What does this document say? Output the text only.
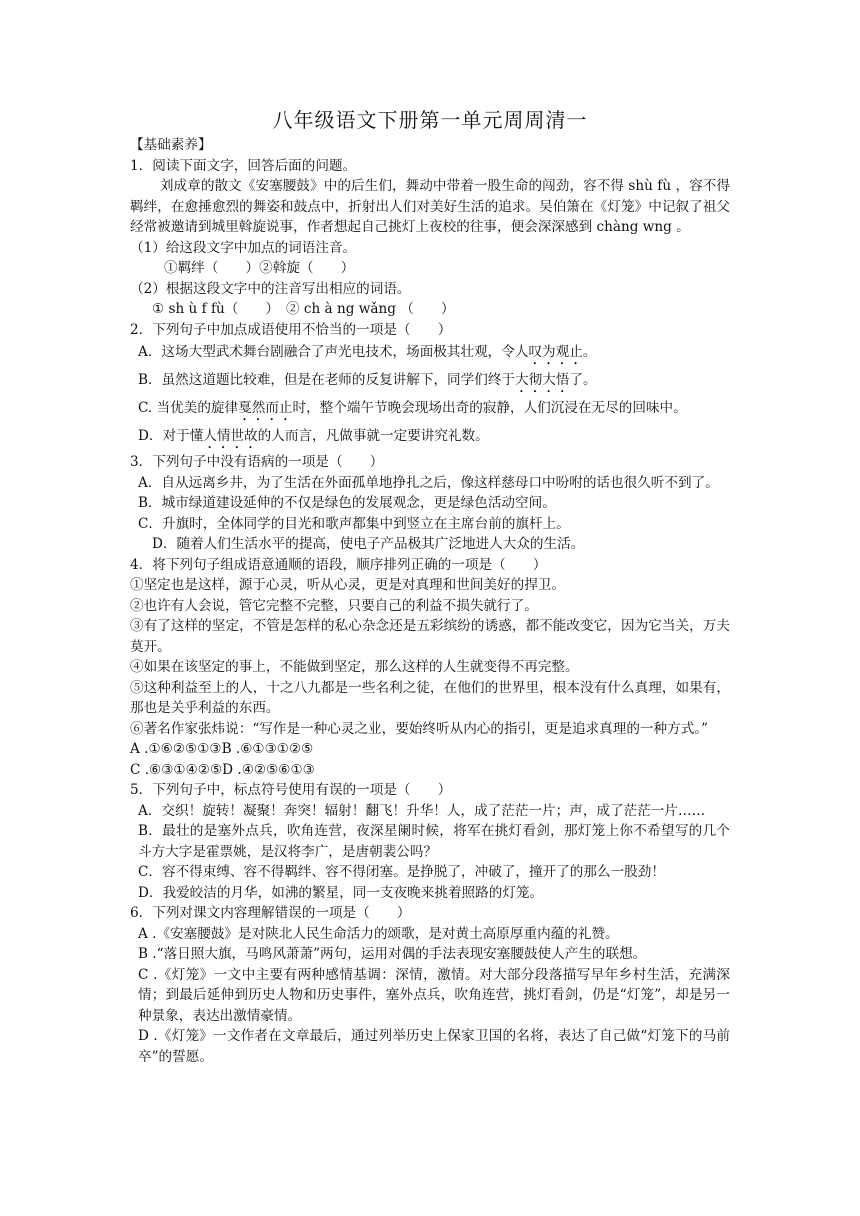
八年级语文下册第一单元周周清一

【基础素养】

1．阅读下面文字，回答后面的问题。

刘成章的散文《安塞腰鼓》中的后生们，舞动中带着一股生命的闯劲，容不得 shù fù ，容不得羁绊，在愈捶愈烈的舞姿和鼓点中，折射出人们对美好生活的追求。吴伯箫在《灯笼》中记叙了祖父经常被邀请到城里斡旋说事，作者想起自己挑灯上夜校的往事，便会深深感到 chàng wng 。

（1）给这段文字中加点的词语注音。

①羁绊（　　）②斡旋（　　）

（2）根据这段文字中的注音写出相应的词语。

① sh ù f fù（　　）　② ch à ng wǎng （　　）

2．下列句子中加点成语使用不恰当的一项是（　　）

A．这场大型武术舞台剧融合了声光电技术，场面极其壮观，令人叹为观止。

B．虽然这道题比较难，但是在老师的反复讲解下，同学们终于大彻大悟了。

C. 当优美的旋律戛然而止时，整个端午节晚会现场出奇的寂静，人们沉浸在无尽的回味中。

D．对于懂人情世故的人而言，凡做事就一定要讲究礼数。

3．下列句子中没有语病的一项是（　　）

A．自从远离乡井，为了生活在外面孤单地挣扎之后，像这样慈母口中吩咐的话也很久听不到了。

B．城市绿道建设延伸的不仅是绿色的发展观念，更是绿色活动空间。

C．升旗时，全体同学的目光和歌声都集中到竖立在主席台前的旗杆上。

D．随着人们生活水平的提高，使电子产品极其广泛地进人大众的生活。

4．将下列句子组成语意通顺的语段，顺序排列正确的一项是（　　）

①坚定也是这样，源于心灵，听从心灵，更是对真理和世间美好的捍卫。

②也许有人会说，管它完整不完整，只要自己的利益不损失就行了。

③有了这样的坚定，不管是怎样的私心杂念还是五彩缤纷的诱惑，都不能改变它，因为它当关，万夫莫开。

④如果在该坚定的事上，不能做到坚定，那么这样的人生就变得不再完整。

⑤这种利益至上的人，十之八九都是一些名利之徒，在他们的世界里，根本没有什么真理，如果有，那也是关乎利益的东西。

⑥著名作家张炜说：“写作是一种心灵之业，要始终听从内心的指引，更是追求真理的一种方式。”

A .①⑥②⑤①③B .⑥①③①②⑤

C .⑥③①④②⑤D .④②⑤⑥①③

5．下列句子中，标点符号使用有误的一项是（　　）

A．交织！旋转！凝聚！奔突！辐射！翻飞！升华！人，成了茫茫一片；声，成了茫茫一片……

B．最壮的是塞外点兵，吹角连营，夜深星阑时候，将军在挑灯看剑，那灯笼上你不希望写的几个斗方大字是霍票姚，是汉将李广，是唐朝裴公吗？

C．容不得束缚、容不得羁绊、容不得闭塞。是挣脱了，冲破了，撞开了的那么一股劲！

D．我爱皎洁的月华，如沸的繁星，同一支夜晚来挑着照路的灯笼。

6．下列对课文内容理解错误的一项是（　　）

A .《安塞腰鼓》是对陕北人民生命活力的颂歌，是对黄土高原厚重内蕴的礼赞。

B .“落日照大旗，马鸣风萧萧”两句，运用对偶的手法表现安塞腰鼓使人产生的联想。

C .《灯笼》一文中主要有两种感情基调：深情，激情。对大部分段落描写早年乡村生活，充满深情；到最后延伸到历史人物和历史事件，塞外点兵，吹角连营，挑灯看剑，仍是“灯笼”，却是另一种景象，表达出激情豪情。

D .《灯笼》一文作者在文章最后，通过列举历史上保家卫国的名将，表达了自己做“灯笼下的马前卒”的誓愿。
